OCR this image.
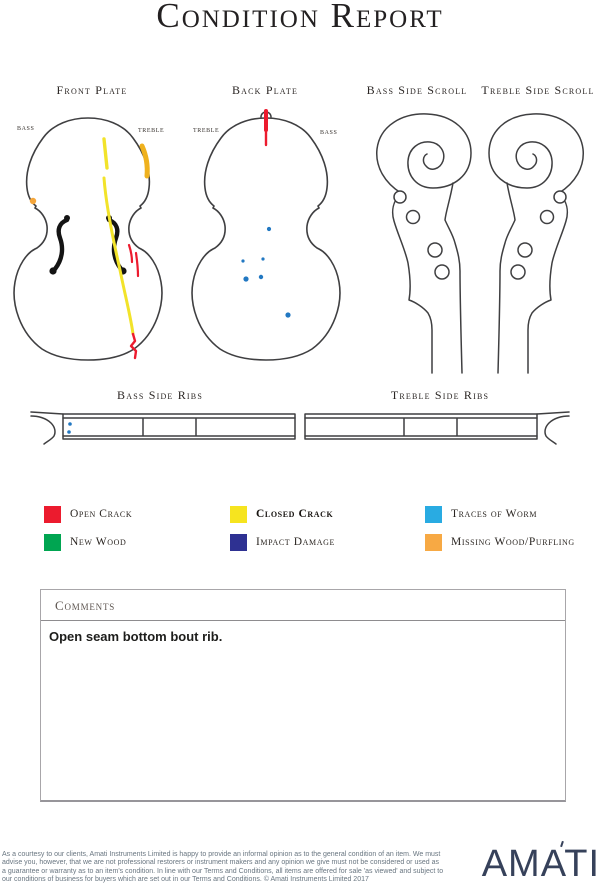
Condition Report
Front Plate	Back Plate	Bass Side Scroll Treble Side Scroll
bass	treble	treble	bass
Bass Side Ribs	Treble Side Ribs
Open Crack	Closed Crack	Traces of Worm
New Wood	Impact Damage	Missing Wood/Purfling
Comments
Open seam bottom bout rib.
As a courtesy to our clients, Amati Instruments Limited is happy to provide an informal opinion as to the general condition of an item. We must
advise you, however, that we are not professional restorers or instrument makers and any opinion we give must not be considered or used as
a guarantee or warranty as to an item's condition. In line with our Terms and Conditions, all items are offered for sale 'as viewed' and subject to
our conditions of business for buyers which are set out in our Terms and Conditions. © Amati Instruments Limited 2017	AMATI
